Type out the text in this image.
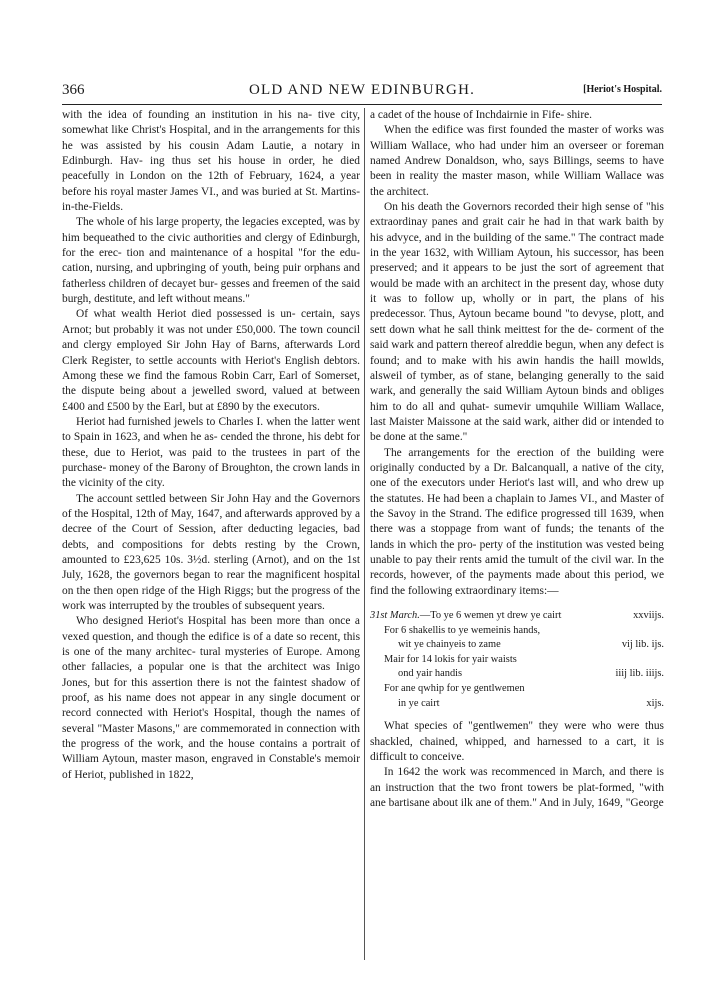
366	OLD AND NEW EDINBURGH.	[Heriot's Hospital.

with the idea of founding an institution in his na- tive city, somewhat like Christ's Hospital, and in the arrangements for this he was assisted by his cousin Adam Lautie, a notary in Edinburgh. Hav- ing thus set his house in order, he died peacefully in London on the 12th of February, 1624, a year before his royal master James VI., and was buried at St. Martins-in-the-Fields.

The whole of his large property, the legacies excepted, was by him bequeathed to the civic authorities and clergy of Edinburgh, for the erec- tion and maintenance of a hospital "for the edu- cation, nursing, and upbringing of youth, being puir orphans and fatherless children of decayet bur- gesses and freemen of the said burgh, destitute, and left without means."

Of what wealth Heriot died possessed is un- certain, says Arnot; but probably it was not under £50,000. The town council and clergy employed Sir John Hay of Barns, afterwards Lord Clerk Register, to settle accounts with Heriot's English debtors. Among these we find the famous Robin Carr, Earl of Somerset, the dispute being about a jewelled sword, valued at between £400 and £500 by the Earl, but at £890 by the executors.

Heriot had furnished jewels to Charles I. when the latter went to Spain in 1623, and when he as- cended the throne, his debt for these, due to Heriot, was paid to the trustees in part of the purchase- money of the Barony of Broughton, the crown lands in the vicinity of the city.

The account settled between Sir John Hay and the Governors of the Hospital, 12th of May, 1647, and afterwards approved by a decree of the Court of Session, after deducting legacies, bad debts, and compositions for debts resting by the Crown, amounted to £23,625 10s. 3½d. sterling (Arnot), and on the 1st July, 1628, the governors began to rear the magnificent hospital on the then open ridge of the High Riggs; but the progress of the work was interrupted by the troubles of subsequent years.

Who designed Heriot's Hospital has been more than once a vexed question, and though the edifice is of a date so recent, this is one of the many architec- tural mysteries of Europe. Among other fallacies, a popular one is that the architect was Inigo Jones, but for this assertion there is not the faintest shadow of proof, as his name does not appear in any single document or record connected with Heriot's Hospital, though the names of several "Master Masons," are commemorated in connection with the progress of the work, and the house contains a portrait of William Aytoun, master mason, engraved in Constable's memoir of Heriot, published in 1822,

a cadet of the house of Inchdairnie in Fife- shire.

When the edifice was first founded the master of works was William Wallace, who had under him an overseer or foreman named Andrew Donaldson, who, says Billings, seems to have been in reality the master mason, while William Wallace was the architect.

On his death the Governors recorded their high sense of "his extraordinay panes and grait cair he had in that wark baith by his advyce, and in the building of the same." The contract made in the year 1632, with William Aytoun, his successor, has been preserved; and it appears to be just the sort of agreement that would be made with an architect in the present day, whose duty it was to follow up, wholly or in part, the plans of his predecessor. Thus, Aytoun became bound "to devyse, plott, and sett down what he sall think meittest for the de- corment of the said wark and pattern thereof alreddie begun, when any defect is found; and to make with his awin handis the haill mowlds, alsweil of tymber, as of stane, belanging generally to the said wark, and generally the said William Aytoun binds and obliges him to do all and quhat- sumevir umquhile William Wallace, last Maister Maissone at the said wark, aither did or intended to be done at the same."

The arrangements for the erection of the building were originally conducted by a Dr. Balcanquall, a native of the city, one of the executors under Heriot's last will, and who drew up the statutes. He had been a chaplain to James VI., and Master of the Savoy in the Strand. The edifice progressed till 1639, when there was a stoppage from want of funds; the tenants of the lands in which the pro- perty of the institution was vested being unable to pay their rents amid the tumult of the civil war. In the records, however, of the payments made about this period, we find the following extraordinary items:—

31st March.—To ye 6 wemen yt drew ye cairt	xxviijs.
For 6 shakellis to ye wemeinis hands,
wit ye chainyeis to zame	vij lib. ijs.
Mair for 14 lokis for yair waists
ond yair handis	iiij lib. iiijs.
For ane qwhip for ye gentlwemen
in ye cairt	xijs.

What species of "gentlwemen" they were who were thus shackled, chained, whipped, and harnessed to a cart, it is difficult to conceive.

In 1642 the work was recommenced in March, and there is an instruction that the two front towers be plat-formed, "with ane bartisane about ilk ane of them." And in July, 1649, "George
